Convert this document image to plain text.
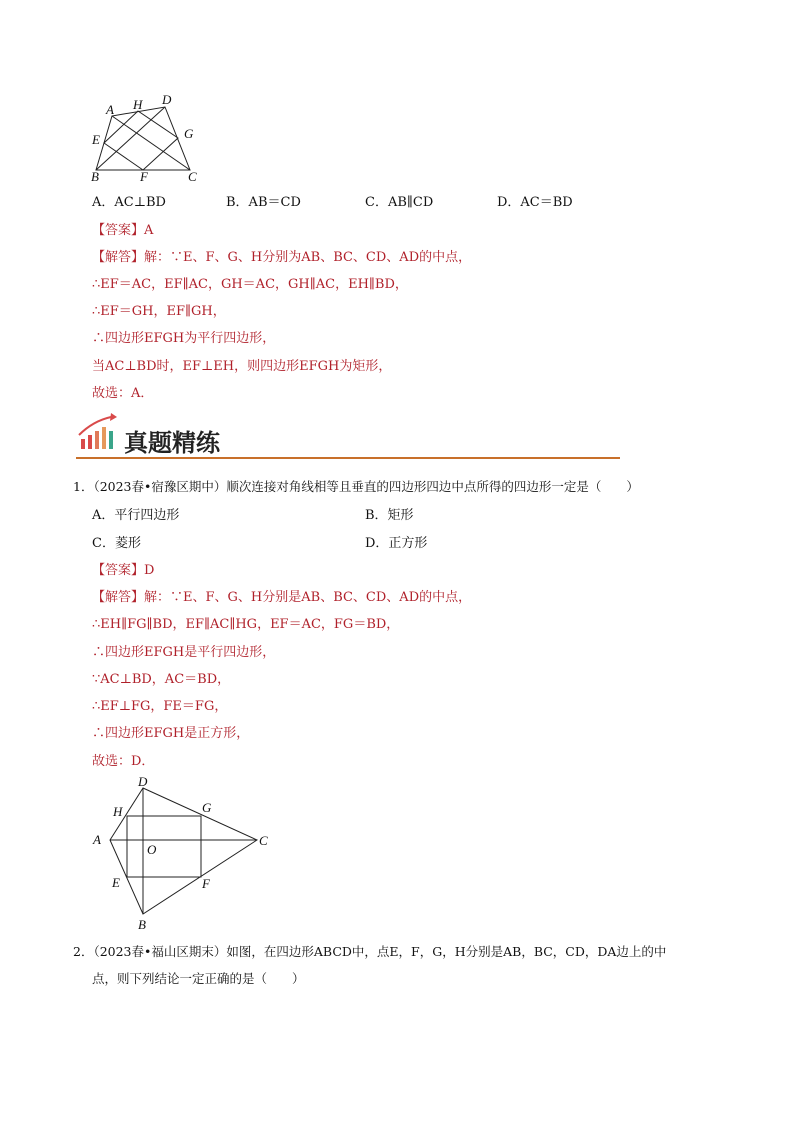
A H D
E	G
B	F	C
A．AC⊥BD	B．AB＝CD	C．AB∥CD	D．AC＝BD
【答案】A
【解答】解：∵E、F、G、H分别为AB、BC、CD、AD的中点，
∴EF＝AC，EF∥AC，GH＝AC，GH∥AC，EH∥BD，
∴EF＝GH，EF∥GH，
∴四边形EFGH为平行四边形，
当AC⊥BD时，EF⊥EH，则四边形EFGH为矩形，
故选：A．
真题精练
1．（2023春•宿豫区期中）顺次连接对角线相等且垂直的四边形四边中点所得的四边形一定是（　　）
A．平行四边形	B．矩形
C．菱形	D．正方形
【答案】D
【解答】解：∵E、F、G、H分别是AB、BC、CD、AD的中点，
∴EH∥FG∥BD，EF∥AC∥HG，EF＝AC，FG＝BD，
∴四边形EFGH是平行四边形，
∵AC⊥BD，AC＝BD，
∴EF⊥FG，FE＝FG，
∴四边形EFGH是正方形，
故选：D．
D
H	G
A
O
C
E	F
B
2．（2023春•福山区期末）如图，在四边形ABCD中，点E，F，G，H分别是AB，BC，CD，DA边上的中
点，则下列结论一定正确的是（　　）
